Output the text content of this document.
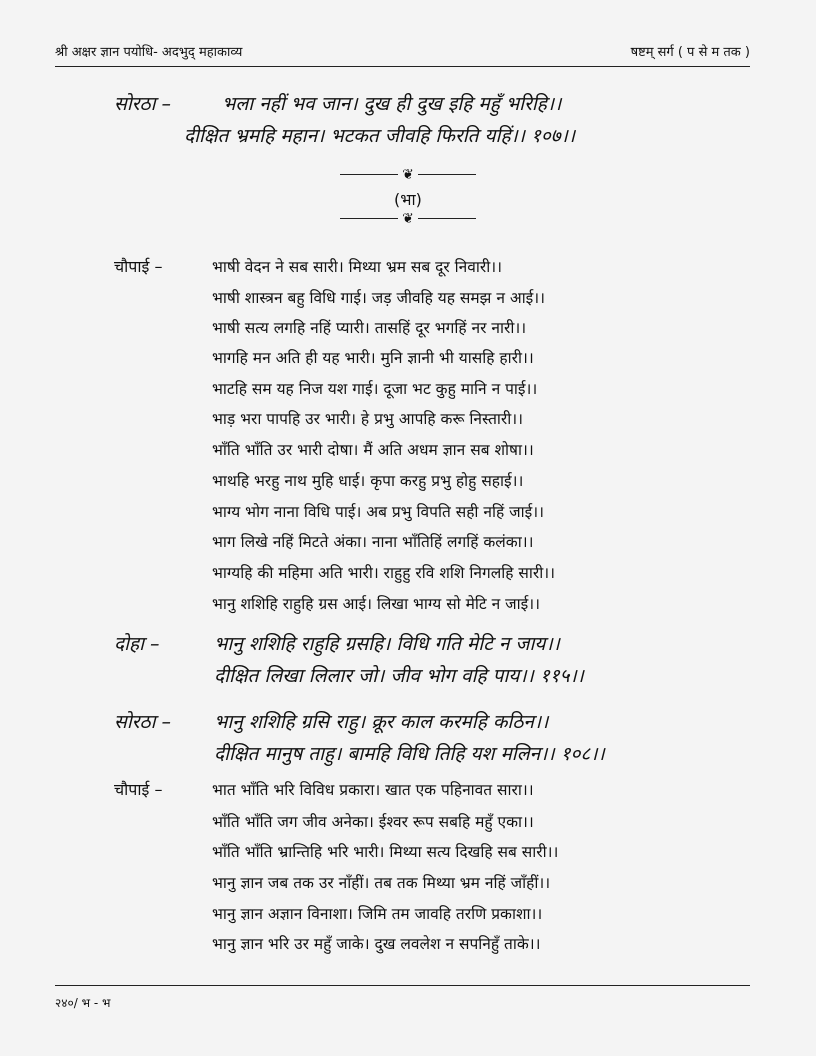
श्री अक्षर ज्ञान पयोधि- अदभुद् महाकाव्य	षष्टम् सर्ग ( प से म तक )
सोरठा –	भला नहीं भव जान। दुख ही दुख इहि महुँ भरिहि।।
दीक्षित भ्रमहि महान। भटकत जीवहि फिरति यहिं।। १०७।।
❦
(भा)
❦
चौपाई –	भाषी वेदन ने सब सारी। मिथ्या भ्रम सब दूर निवारी।।
भाषी शास्त्रन बहु विधि गाई। जड़ जीवहि यह समझ न आई।।
भाषी सत्य लगहि नहिं प्यारी। तासहिं दूर भगहिं नर नारी।।
भागहि मन अति ही यह भारी। मुनि ज्ञानी भी यासहि हारी।।
भाटहि सम यह निज यश गाई। दूजा भट कुहु मानि न पाई।।
भाड़ भरा पापहि उर भारी। हे प्रभु आपहि करू निस्तारी।।
भाँति भाँति उर भारी दोषा। मैं अति अधम ज्ञान सब शोषा।।
भाथहि भरहु नाथ मुहि धाई। कृपा करहु प्रभु होहु सहाई।।
भाग्य भोग नाना विधि पाई। अब प्रभु विपति सही नहिं जाई।।
भाग लिखे नहिं मिटते अंका। नाना भाँतिहिं लगहिं कलंका।।
भाग्यहि की महिमा अति भारी। राहुहु रवि शशि निगलहि सारी।।
भानु शशिहि राहुहि ग्रस आई। लिखा भाग्य सो मेटि न जाई।।
दोहा –	भानु शशिहि राहुहि ग्रसहि। विधि गति मेटि न जाय।।
दीक्षित लिखा लिलार जो। जीव भोग वहि पाय।। ११५।।
सोरठा – भानु शशिहि ग्रसि राहु। क्रूर काल करमहि कठिन।।
दीक्षित मानुष ताहु। बामहि विधि तिहि यश मलिन।। १०८।।
चौपाई –	भात भाँति भरि विविध प्रकारा। खात एक पहिनावत सारा।।
भाँति भाँति जग जीव अनेका। ईश्वर रूप सबहि महुँ एका।।
भाँति भाँति भ्रान्तिहि भरि भारी। मिथ्या सत्य दिखहि सब सारी।।
भानु ज्ञान जब तक उर नाँहीं। तब तक मिथ्या भ्रम नहिं जाँहीं।।
भानु ज्ञान अज्ञान विनाशा। जिमि तम जावहि तरणि प्रकाशा।।
भानु ज्ञान भरि उर महुँ जाके। दुख लवलेश न सपनिहुँ ताके।।
२४०/ भ - भ
